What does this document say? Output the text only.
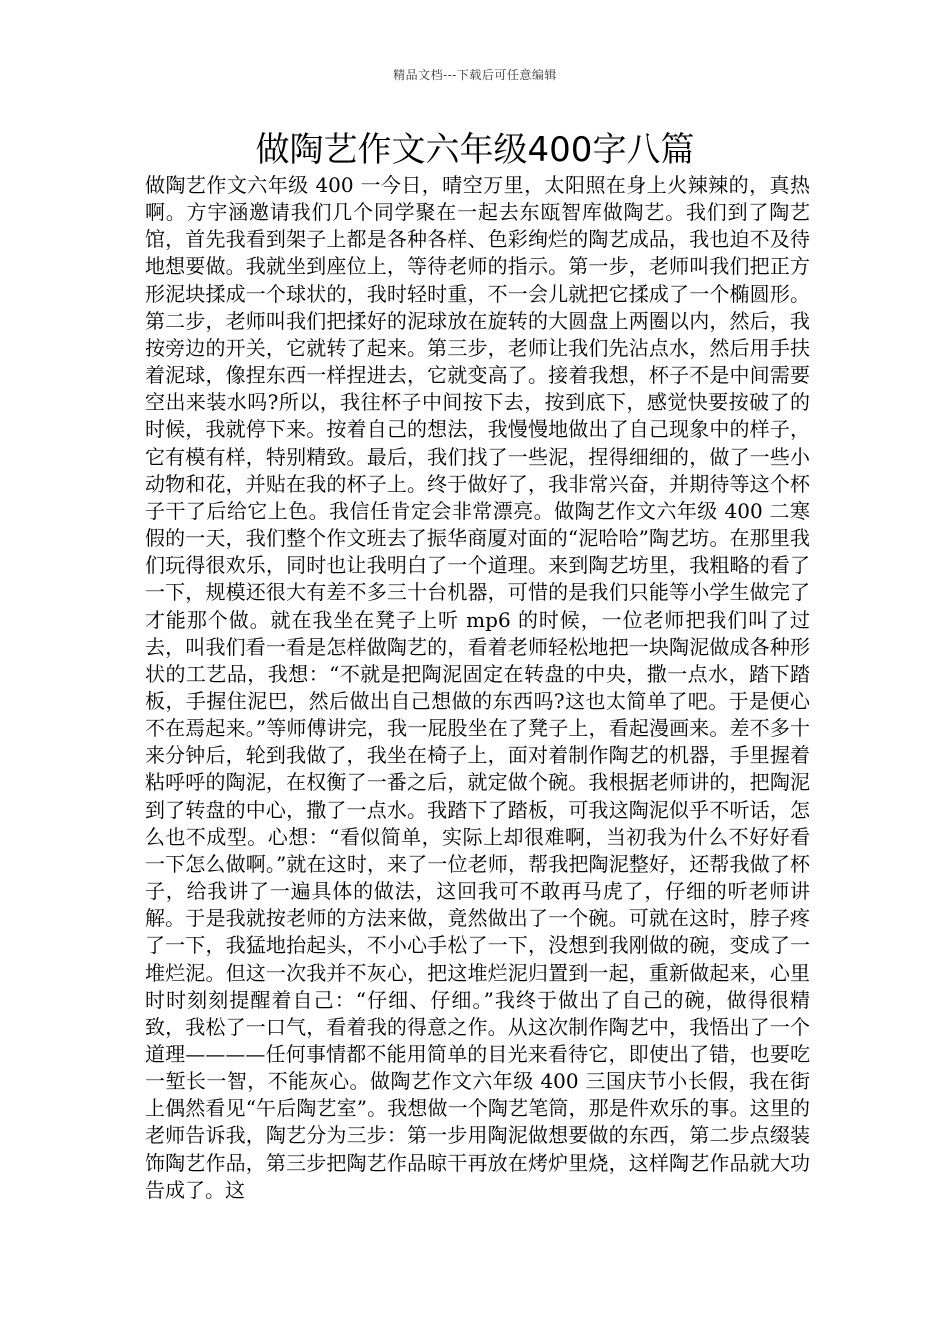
精品文档---下载后可任意编辑
做陶艺作文六年级400字八篇

做陶艺作文六年级 400 一今日，晴空万里，太阳照在身上火辣辣的，真热啊。方宇涵邀请我们几个同学聚在一起去东瓯智库做陶艺。我们到了陶艺馆，首先我看到架子上都是各种各样、色彩绚烂的陶艺成品，我也迫不及待地想要做。我就坐到座位上，等待老师的指示。第一步，老师叫我们把正方形泥块揉成一个球状的，我时轻时重，不一会儿就把它揉成了一个椭圆形。第二步，老师叫我们把揉好的泥球放在旋转的大圆盘上两圈以内，然后，我按旁边的开关，它就转了起来。第三步，老师让我们先沾点水，然后用手扶着泥球，像捏东西一样捏进去，它就变高了。接着我想，杯子不是中间需要空出来装水吗?所以，我往杯子中间按下去，按到底下，感觉快要按破了的时候，我就停下来。按着自己的想法，我慢慢地做出了自己现象中的样子，它有模有样，特别精致。最后，我们找了一些泥，捏得细细的，做了一些小动物和花，并贴在我的杯子上。终于做好了，我非常兴奋，并期待等这个杯子干了后给它上色。我信任肯定会非常漂亮。做陶艺作文六年级 400 二寒假的一天，我们整个作文班去了振华商厦对面的“泥哈哈”陶艺坊。在那里我们玩得很欢乐，同时也让我明白了一个道理。来到陶艺坊里，我粗略的看了一下，规模还很大有差不多三十台机器，可惜的是我们只能等小学生做完了才能那个做。就在我坐在凳子上听 mp6 的时候，一位老师把我们叫了过去，叫我们看一看是怎样做陶艺的，看着老师轻松地把一块陶泥做成各种形状的工艺品，我想：“不就是把陶泥固定在转盘的中央，撒一点水，踏下踏板，手握住泥巴，然后做出自己想做的东西吗?这也太简单了吧。于是便心不在焉起来。”等师傅讲完，我一屁股坐在了凳子上，看起漫画来。差不多十来分钟后，轮到我做了，我坐在椅子上，面对着制作陶艺的机器，手里握着粘呼呼的陶泥，在权衡了一番之后，就定做个碗。我根据老师讲的，把陶泥到了转盘的中心，撒了一点水。我踏下了踏板，可我这陶泥似乎不听话，怎么也不成型。心想：“看似简单，实际上却很难啊，当初我为什么不好好看一下怎么做啊。”就在这时，来了一位老师，帮我把陶泥整好，还帮我做了杯子，给我讲了一遍具体的做法，这回我可不敢再马虎了，仔细的听老师讲解。于是我就按老师的方法来做，竟然做出了一个碗。可就在这时，脖子疼了一下，我猛地抬起头，不小心手松了一下，没想到我刚做的碗，变成了一堆烂泥。但这一次我并不灰心，把这堆烂泥归置到一起，重新做起来，心里时时刻刻提醒着自己：“仔细、仔细。”我终于做出了自己的碗，做得很精致，我松了一口气，看着我的得意之作。从这次制作陶艺中，我悟出了一个道理————任何事情都不能用简单的目光来看待它，即使出了错，也要吃一堑长一智，不能灰心。做陶艺作文六年级 400 三国庆节小长假，我在街上偶然看见“午后陶艺室”。我想做一个陶艺笔筒，那是件欢乐的事。这里的老师告诉我，陶艺分为三步：第一步用陶泥做想要做的东西，第二步点缀装饰陶艺作品，第三步把陶艺作品晾干再放在烤炉里烧，这样陶艺作品就大功告成了。这
